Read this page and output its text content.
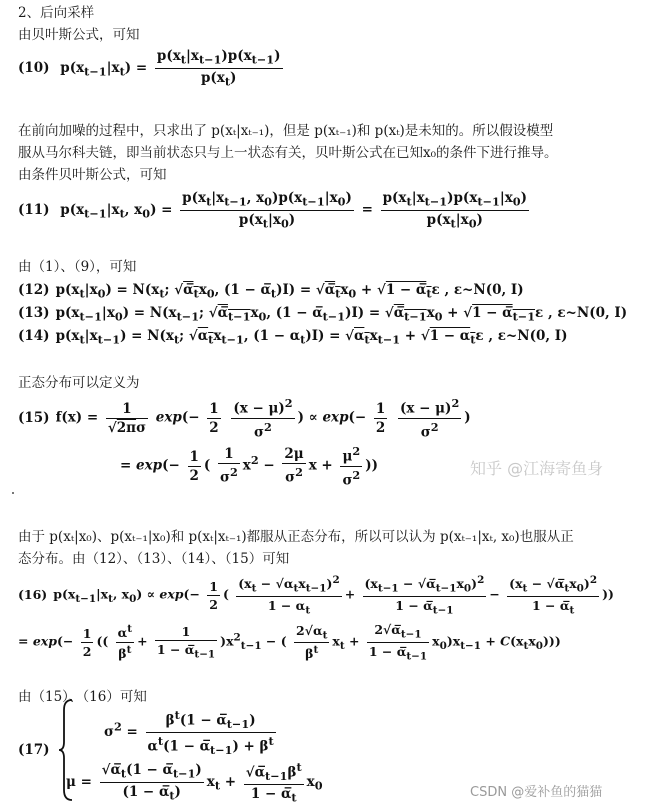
2、后向采样
由贝叶斯公式，可知
(10) $p(x_{t-1}|x_t) = \frac{p(x_t|x_{t-1})p(x_{t-1})}{p(x_t)}$
在前向加噪的过程中，只求出了 p(xₜ|xₜ₋₁)，但是 p(xₜ₋₁)和 p(xₜ)是未知的。所以假设模型
服从马尔科夫链，即当前状态只与上一状态有关，贝叶斯公式在已知x₀的条件下进行推导。
由条件贝叶斯公式，可知
(11) $p(x_{t-1}|x_t$, $x_0) = \frac{p(x_t|x_{t-1}, x_0)p(x_{t-1}|x_0)}{p(x_t|x_0)} = \frac{p(x_t|x_{t-1})p(x_{t-1}|x_0)}{p(x_t|x_0)}$
由（1）、（9），可知
(12) $p(x_t|x_0) = N(x_t$; $√\alpha̅_tx_0$, $(1 - \alpha̅_t)I$) = $√\alpha̅_tx_0 + √1$ − $\alpha̅_t\varepsilon$ , ε~N(0, I)
(13) $p(x_{t-1}|x_0) = N(x_{t-1}$; $√\alpha̅_{t-1}x_0$, $(1 - \alpha̅_{t-1})I$) = $√\alpha̅_{t-1}x_0 + √1$ − $\alpha̅_{t-1}\varepsilon$ , ε~N(0, I)
(14) $p(x_t|x_{t-1}) = N(x_t$; $√\alpha_tx_{t-1}$, $(1 - \alpha_t)I) = √\alpha_tx_{t-1} + √1 - \alpha_t\varepsilon$ , ε~N(0, I)
正态分布可以定义为
(15) $f(x) = \frac{1}{√2\pi\sigma} \exp(- \frac{1}{2}$
$\frac{(x - \mu)^2}{\sigma^2}$ ) ∝ $\exp(- \frac{1}{2}$
$\frac{(x - \mu)^2}{\sigma^2}$ )
= $\exp(- \frac{1}{2}$ ( $\frac{1}{\sigma^2} x^2 - \frac{2\mu}{\sigma^2}$ $x + \frac{\mu^2}{\sigma^2}$ ))	知乎 @江海寄鱼身
由于 p(xₜ|x₀)、p(xₜ₋₁|x₀)和 p(xₜ|xₜ₋₁)都服从正态分布，所以可以认为 p(xₜ₋₁|xₜ, x₀)也服从正
态分布。由（12）、（13）、（14）、（15）可知
(16) $p(x_{t-1}|x_t$, $x_0) \propto \exp(- \frac{1}{2}$ ( $\frac{(x_t - √\alpha_tx_{t-1})^2}{1 - \alpha_t} + \frac{(x_{t-1} - √\alpha̅_{t-1}x_0)^2}{1 - \alpha̅_{t-1}} - \frac{(x_t - √\alpha̅_tx_0)^2}{1 - \alpha̅_t}$ ))
= $\exp(- \frac{1}{2}$ (( $\frac{\alpha^t}{\beta^t} + \frac{1}{1 - \alpha̅_{t-1}} )x^2_{t-1}$ − ( $\frac{2√\alpha_t}{\beta^t} x_t + \frac{2√\alpha̅_{t-1}}{1 - \alpha̅_{t-1}} x_0)x_{t-1} + C(x_tx_0)$))
由（15）、（16）可知
(17)
$\sigma^2 = \frac{\beta^t(1 - \alpha̅_{t-1})}{\alpha^t(1 - \alpha̅_{t-1}) + \beta^t}$
$\mu = \frac{√\alpha̅_t(1 - \alpha̅_{t-1})}{(1 - \alpha̅_t)} x_t + \frac{√\alpha̅_{t-1}\beta^t}{1 - \alpha̅_t} x_0$	CSDN @爱补鱼的猫猫
